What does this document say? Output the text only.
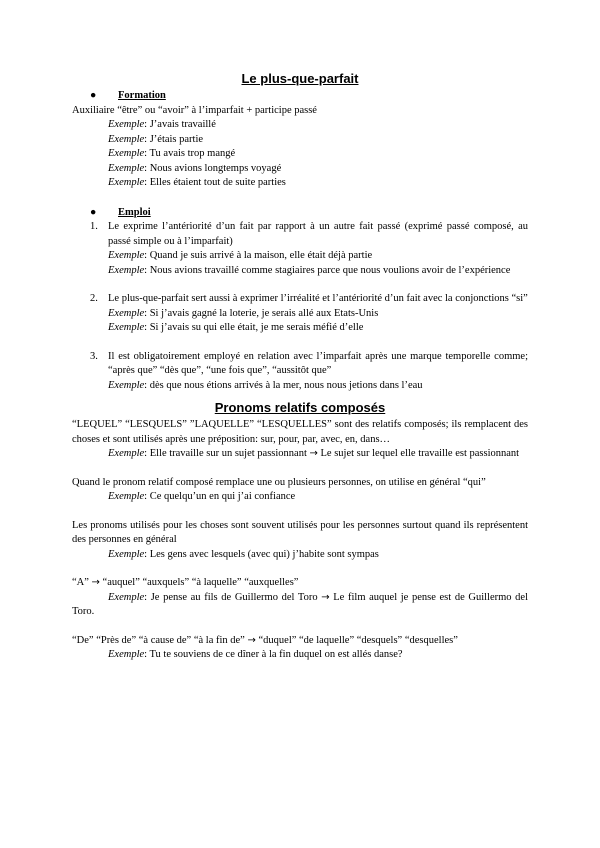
Le plus-que-parfait
● Formation
Auxiliaire “être” ou “avoir” à l’imparfait + participe passé
Exemple: J’avais travaillé
Exemple: J’étais partie
Exemple: Tu avais trop mangé
Exemple: Nous avions longtemps voyagé
Exemple: Elles étaient tout de suite parties
● Emploi
1. Le exprime l’antériorité d’un fait par rapport à un autre fait passé (exprimé passé composé, au passé simple ou à l’imparfait)
Exemple: Quand je suis arrivé à la maison, elle était déjà partie
Exemple: Nous avions travaillé comme stagiaires parce que nous voulions avoir de l’expérience
2. Le plus-que-parfait sert aussi à exprimer l’irréalité et l’antériorité d’un fait avec la conjonctions “si”
Exemple: Si j’avais gagné la loterie, je serais allé aux Etats-Unis
Exemple: Si j’avais su qui elle était, je me serais méfié d’elle
3. Il est obligatoirement employé en relation avec l’imparfait après une marque temporelle comme; “après que” “dès que”, “une fois que”, “aussitôt que”
Exemple: dès que nous étions arrivés à la mer, nous nous jetions dans l’eau
Pronoms relatifs composés
“LEQUEL” “LESQUELS” ”LAQUELLE” “LESQUELLES” sont des relatifs composés; ils remplacent des choses et sont utilisés après une préposition: sur, pour, par, avec, en, dans…
Exemple: Elle travaille sur un sujet passionnant → Le sujet sur lequel elle travaille est passionnant
Quand le pronom relatif composé remplace une ou plusieurs personnes, on utilise en général “qui”
Exemple: Ce quelqu’un en qui j’ai confiance
Les pronoms utilisés pour les choses sont souvent utilisés pour les personnes surtout quand ils représentent des personnes en général
Exemple: Les gens avec lesquels (avec qui) j’habite sont sympas
“A” → “auquel” “auxquels” “à laquelle” “auxquelles”
Exemple: Je pense au fils de Guillermo del Toro → Le film auquel je pense est de Guillermo del Toro.
“De” “Près de” “à cause de” “à la fin de” → “duquel” “de laquelle” “desquels” “desquelles”
Exemple: Tu te souviens de ce dîner à la fin duquel on est allés danse?
